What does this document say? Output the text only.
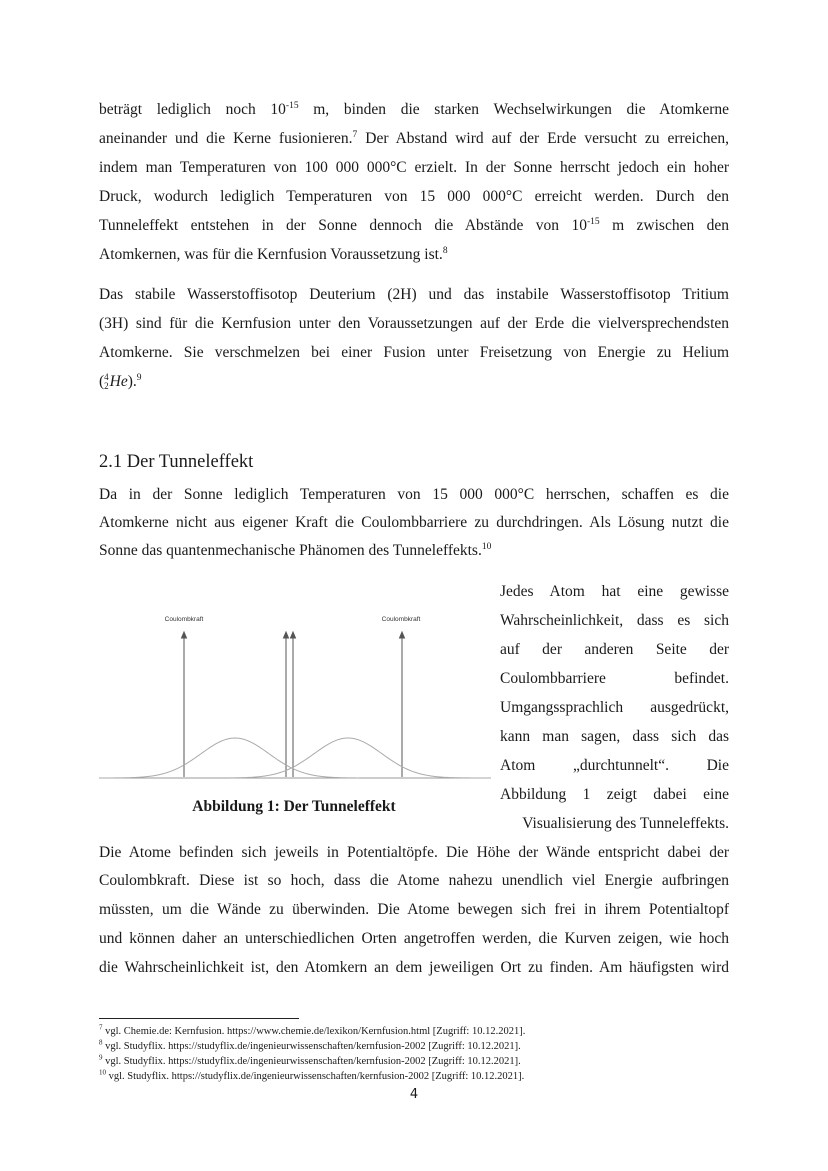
beträgt lediglich noch $10^{-15}$ m, binden die starken Wechselwirkungen die Atomkerne
aneinander und die Kerne fusionieren.$^7$ Der Abstand wird auf der Erde versucht zu erreichen,
indem man Temperaturen von 100 000 000°C erzielt. In der Sonne herrscht jedoch ein hoher
Druck, wodurch lediglich Temperaturen von 15 000 000°C erreicht werden. Durch den
Tunneleffekt entstehen in der Sonne dennoch die Abstände von $10^{-15}$ m zwischen den
Atomkernen, was für die Kernfusion Voraussetzung ist.$^8$
Das stabile Wasserstoffisotop Deuterium (2H) und das instabile Wasserstoffisotop Tritium
(3H) sind für die Kernfusion unter den Voraussetzungen auf der Erde die vielversprechendsten
Atomkerne. Sie verschmelzen bei einer Fusion unter Freisetzung von Energie zu Helium
( 4
2 He).$^9$
2.1 Der Tunneleffekt
Da in der Sonne lediglich Temperaturen von 15 000 000°C herrschen, schaffen es die
Atomkerne nicht aus eigener Kraft die Coulombbarriere zu durchdringen. Als Lösung nutzt die
Sonne das quantenmechanische Phänomen des Tunneleffekts.$^{10}$
Coulombkraft	Coulombkraft
Abbildung 1: Der Tunneleffekt
Jedes Atom hat eine gewisse
Wahrscheinlichkeit, dass es sich
auf der anderen Seite der
Coulombbarriere	befindet.
Umgangssprachlich ausgedrückt,
kann man sagen, dass sich das
Atom „durchtunnelt“. Die
Abbildung 1 zeigt dabei eine
Visualisierung des Tunneleffekts.
Die Atome befinden sich jeweils in Potentialtöpfe. Die Höhe der Wände entspricht dabei der
Coulombkraft. Diese ist so hoch, dass die Atome nahezu unendlich viel Energie aufbringen
müssten, um die Wände zu überwinden. Die Atome bewegen sich frei in ihrem Potentialtopf
und können daher an unterschiedlichen Orten angetroffen werden, die Kurven zeigen, wie hoch
die Wahrscheinlichkeit ist, den Atomkern an dem jeweiligen Ort zu finden. Am häufigsten wird
$^7$ vgl. Chemie.de: Kernfusion. https://www.chemie.de/lexikon/Kernfusion.html [Zugriff: 10.12.2021].
$^8$ vgl. Studyflix. https://studyflix.de/ingenieurwissenschaften/kernfusion-2002 [Zugriff: 10.12.2021].
$^9$ vgl. Studyflix. https://studyflix.de/ingenieurwissenschaften/kernfusion-2002 [Zugriff: 10.12.2021].
$^{10}$ vgl. Studyflix. https://studyflix.de/ingenieurwissenschaften/kernfusion-2002 [Zugriff: 10.12.2021].
4
